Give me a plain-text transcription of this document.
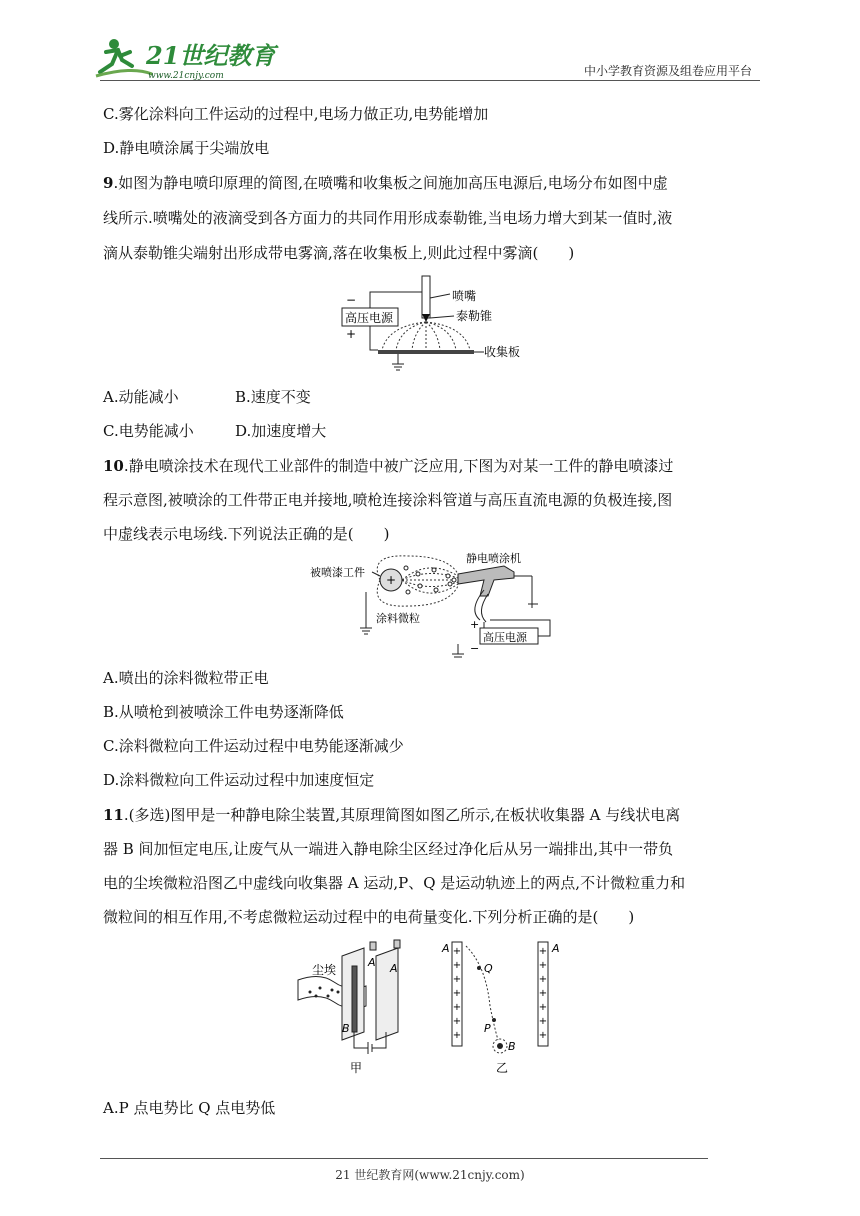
21世纪教育
www.21cnjy.com	中小学教育资源及组卷应用平台
C.雾化涂料向工件运动的过程中,电场力做正功,电势能增加
D.静电喷涂属于尖端放电
9.如图为静电喷印原理的简图,在喷嘴和收集板之间施加高压电源后,电场分布如图中虚
线所示.喷嘴处的液滴受到各方面力的共同作用形成泰勒锥,当电场力增大到某一值时,液
滴从泰勒锥尖端射出形成带电雾滴,落在收集板上,则此过程中雾滴(　　)
高压电源
−
+
喷嘴
泰勒锥
收集板
A.动能减小	B.速度不变
C.电势能减小	D.加速度增大
10.静电喷涂技术在现代工业部件的制造中被广泛应用,下图为对某一工件的静电喷漆过
程示意图,被喷涂的工件带正电并接地,喷枪连接涂料管道与高压直流电源的负极连接,图
中虚线表示电场线.下列说法正确的是(　　)
被喷漆工件
静电喷涂机
涂料微粒
+
高压电源
+
−
A.喷出的涂料微粒带正电
B.从喷枪到被喷涂工件电势逐渐降低
C.涂料微粒向工件运动过程中电势能逐渐减少
D.涂料微粒向工件运动过程中加速度恒定
11.(多选)图甲是一种静电除尘装置,其原理简图如图乙所示,在板状收集器 A 与线状电离
器 B 间加恒定电压,让废气从一端进入静电除尘区经过净化后从另一端排出,其中一带负
电的尘埃微粒沿图乙中虚线向收集器 A 运动,P、Q 是运动轨迹上的两点,不计微粒重力和
微粒间的相互作用,不考虑微粒运动过程中的电荷量变化.下列分析正确的是(　　)
尘埃
A A
B
甲
A +
+
+
+
+
+
+
+
+
+
+
+
+
+
A
Q
P
B
乙
A.P 点电势比 Q 点电势低
21 世纪教育网(www.21cnjy.com)
